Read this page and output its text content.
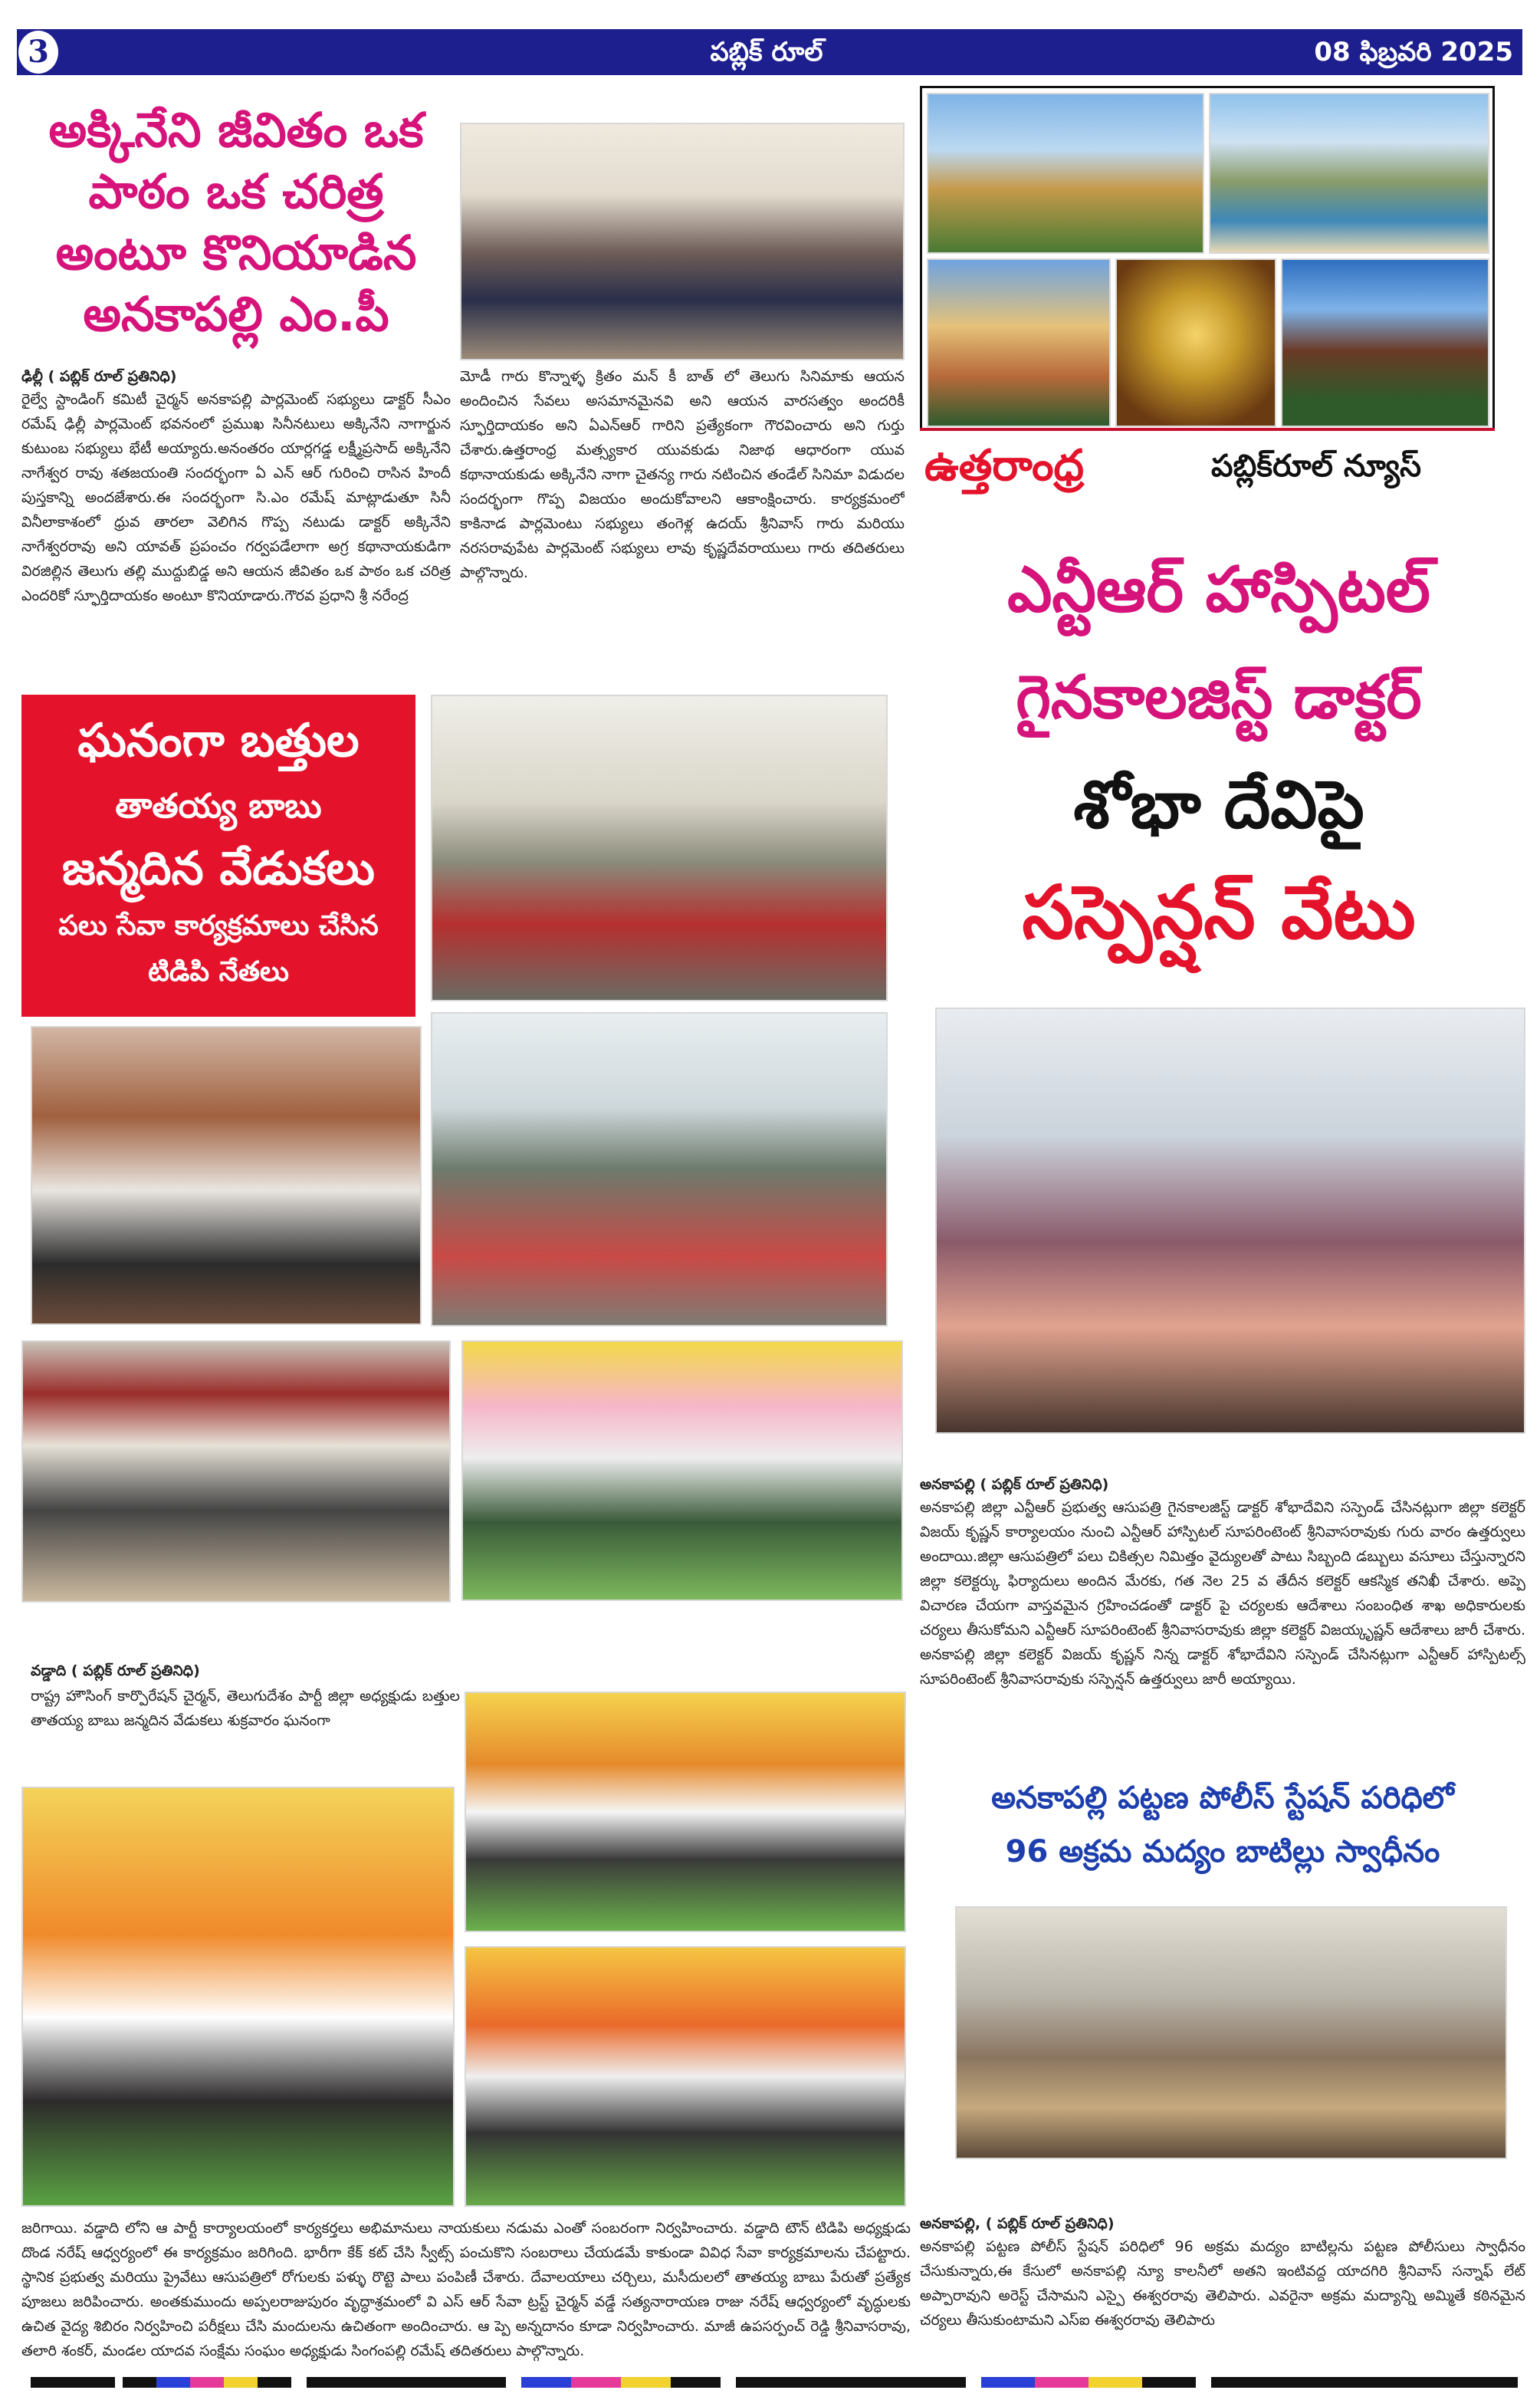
3	పబ్లిక్ రూల్	08 ఫిబ్రవరి 2025
అక్కినేని జీవితం ఒక
పాఠం ఒక చరిత్ర
అంటూ కొనియాడిన
అనకాపల్లి ఎం.పీ
ఢిల్లీ ( పబ్లిక్ రూల్ ప్రతినిధి)
రైల్వే స్టాండింగ్ కమిటీ చైర్మన్ అనకాపల్లి పార్లమెంట్ సభ్యులు డాక్టర్ సీఎం రమేష్ ఢిల్లీ పార్లమెంట్ భవనంలో ప్రముఖ సినీనటులు అక్కినేని నాగార్జున కుటుంబ సభ్యులు భేటీ అయ్యారు.అనంతరం యార్లగడ్డ లక్ష్మీప్రసాద్ అక్కినేని నాగేశ్వర రావు శతజయంతి సందర్భంగా ఏ ఎన్ ఆర్ గురించి రాసిన హిందీ పుస్తకాన్ని అందజేశారు.ఈ సందర్భంగా సి.ఎం రమేష్ మాట్లాడుతూ సినీ వినీలాకాశంలో ధ్రువ తారలా వెలిగిన గొప్ప నటుడు డాక్టర్ అక్కినేని నాగేశ్వరరావు అని యావత్ ప్రపంచం గర్వపడేలాగా అగ్ర కథానాయకుడిగా విరజిల్లిన తెలుగు తల్లి ముద్దుబిడ్డ అని ఆయన జీవితం ఒక పాఠం ఒక చరిత్ర ఎందరికో స్ఫూర్తిదాయకం అంటూ కొనియాడారు.గౌరవ ప్రధాని శ్రీ నరేంద్ర
మోడీ గారు కొన్నాళ్ళ క్రితం మన్ కీ బాత్ లో తెలుగు సినిమాకు ఆయన అందించిన సేవలు అసమానమైనవి అని ఆయన వారసత్వం అందరికీ స్ఫూర్తిదాయకం అని ఏఎన్ఆర్ గారిని ప్రత్యేకంగా గౌరవించారు అని గుర్తు చేశారు.ఉత్తరాంధ్ర మత్స్యకార యువకుడు నిజాథ ఆధారంగా యువ కథానాయకుడు అక్కినేని నాగా చైతన్య గారు నటించిన తండేల్ సినిమా విడుదల సందర్భంగా గొప్ప విజయం అందుకోవాలని ఆకాంక్షించారు. కార్యక్రమంలో కాకినాడ పార్లమెంటు సభ్యులు తంగెళ్ల ఉదయ్ శ్రీనివాస్ గారు మరియు నరసరావుపేట పార్లమెంట్ సభ్యులు లావు కృష్ణదేవరాయులు గారు తదితరులు పాల్గొన్నారు.
ఉత్తరాంధ్ర	పబ్లిక్‌రూల్ న్యూస్
ఎన్టీఆర్ హాస్పిటల్
గైనకాలజిస్ట్ డాక్టర్
శోభా దేవిపై
సస్పెన్షన్ వేటు
ఘనంగా బత్తుల
తాతయ్య బాబు
జన్మదిన వేడుకలు
పలు సేవా కార్యక్రమాలు చేసిన
టిడిపి నేతలు
వడ్డాది ( పబ్లిక్ రూల్ ప్రతినిధి)
రాష్ట్ర హౌసింగ్ కార్పొరేషన్ చైర్మన్, తెలుగుదేశం పార్టీ జిల్లా అధ్యక్షుడు బత్తుల తాతయ్య బాబు జన్మదిన వేడుకలు శుక్రవారం ఘనంగా
జరిగాయి. వడ్డాది లోని ఆ పార్టీ కార్యాలయంలో కార్యకర్తలు అభిమానులు నాయకులు నడుమ ఎంతో సంబరంగా నిర్వహించారు. వడ్డాది టౌన్ టిడిపి అధ్యక్షుడు దొండ నరేష్ ఆధ్వర్యంలో ఈ కార్యక్రమం జరిగింది. భారీగా కేక్ కట్ చేసి స్వీట్స్ పంచుకొని సంబరాలు చేయడమే కాకుండా వివిధ సేవా కార్యక్రమాలను చేపట్టారు. స్థానిక ప్రభుత్వ మరియు ప్రైవేటు ఆసుపత్రిలో రోగులకు పళ్ళు రొట్టె పాలు పంపిణీ చేశారు. దేవాలయాలు చర్చిలు, మసీదులలో తాతయ్య బాబు పేరుతో ప్రత్యేక పూజలు జరిపించారు. అంతకుముందు అప్పలరాజుపురం వృద్ధాశ్రమంలో వి ఎస్ ఆర్ సేవా ట్రస్ట్ చైర్మన్ వడ్డే సత్యనారాయణ రాజు నరేష్ ఆధ్వర్యంలో వృద్ధులకు ఉచిత వైద్య శిబిరం నిర్వహించి పరీక్షలు చేసి మందులను ఉచితంగా అందించారు. ఆ ప్పె అన్నదానం కూడా నిర్వహించారు. మాజీ ఉపసర్పంచ్ రెడ్డి శ్రీనివాసరావు, తలారి శంకర్, మండల యాదవ సంక్షేమ సంఘం అధ్యక్షుడు సింగంపల్లి రమేష్ తదితరులు పాల్గొన్నారు.
అనకాపల్లి ( పబ్లిక్ రూల్ ప్రతినిధి)
అనకాపల్లి జిల్లా ఎన్టీఆర్ ప్రభుత్వ ఆసుపత్రి గైనకాలజిస్ట్ డాక్టర్ శోభాదేవిని సస్పెండ్ చేసినట్లుగా జిల్లా కలెక్టర్ విజయ్ కృష్ణన్ కార్యాలయం నుంచి ఎన్టీఆర్ హాస్పిటల్ సూపరింటెంట్ శ్రీనివాసరావుకు గురు వారం ఉత్తర్వులు అందాయి.జిల్లా ఆసుపత్రిలో పలు చికిత్సల నిమిత్తం వైద్యులతో పాటు సిబ్బంది డబ్బులు వసూలు చేస్తున్నారని జిల్లా కలెక్టర్కు ఫిర్యాదులు అందిన మేరకు, గత నెల 25 వ తేదీన కలెక్టర్ ఆకస్మిక తనిఖీ చేశారు. అప్పె విచారణ చేయగా వాస్తవమైన గ్రహించడంతో డాక్టర్ పై చర్యలకు ఆదేశాలు సంబంధిత శాఖ అధికారులకు చర్యలు తీసుకోమని ఎన్టీఆర్ సూపరింటెంట్ శ్రీనివాసరావుకు జిల్లా కలెక్టర్ విజయ్కృష్ణన్ ఆదేశాలు జారీ చేశారు. అనకాపల్లి జిల్లా కలెక్టర్ విజయ్ కృష్ణన్ నిన్న డాక్టర్ శోభాదేవిని సస్పెండ్ చేసినట్లుగా ఎన్టీఆర్ హాస్పిటల్స్ సూపరింటెంట్ శ్రీనివాసరావుకు సస్పెన్షన్ ఉత్తర్వులు జారీ అయ్యాయి.
అనకాపల్లి పట్టణ పోలీస్ స్టేషన్ పరిధిలో
96 అక్రమ మద్యం బాటిల్లు స్వాధీనం
అనకాపల్లి, ( పబ్లిక్ రూల్ ప్రతినిధి)
అనకాపల్లి పట్టణ పోలీస్ స్టేషన్ పరిధిలో 96 అక్రమ మద్యం బాటిల్లను పట్టణ పోలీసులు స్వాధీనం చేసుకున్నారు,ఈ కేసులో అనకాపల్లి న్యూ కాలనీలో అతని ఇంటివద్ద యాదగిరి శ్రీనివాస్ సన్నాఫ్ లేట్ అప్పారావుని అరెస్ట్ చేసామని ఎస్పై ఈశ్వరరావు తెలిపారు. ఎవరైనా అక్రమ మద్యాన్ని అమ్మితే కఠినమైన చర్యలు తీసుకుంటామని ఎస్ఐ ఈశ్వరరావు తెలిపారు
